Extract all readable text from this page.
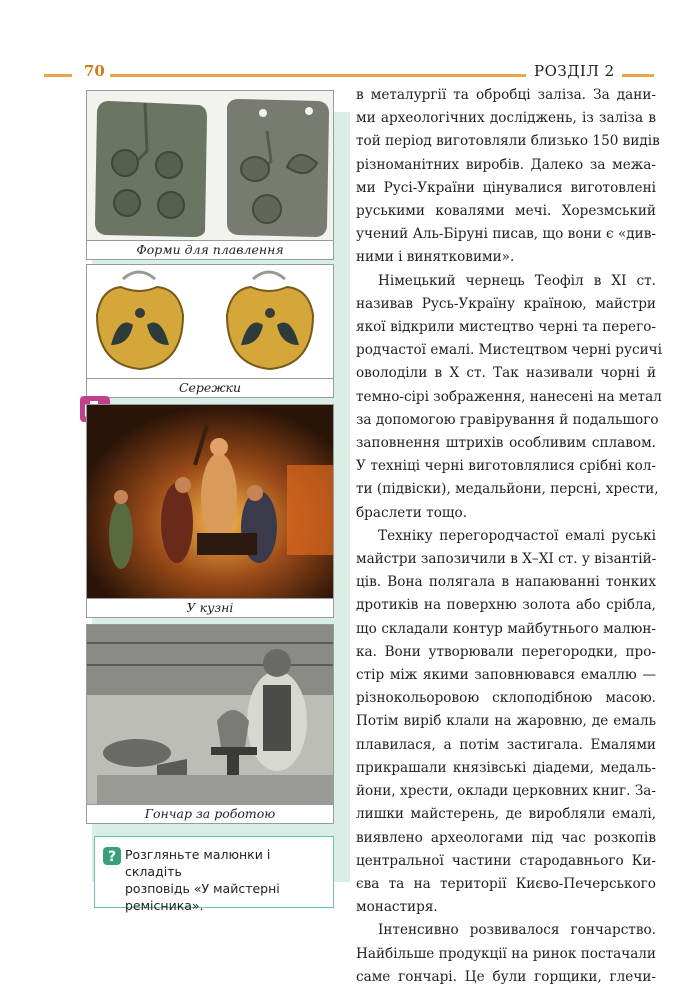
70	РОЗДІЛ 2
Форми для плавлення
Сережки
У кузні
Гончар за роботою
? Розгляньте малюнки і складіть
розповідь «У майстерні
ремісника».
в металургії та обробці заліза. За дани-
ми археологічних досліджень, із заліза в
той період виготовляли близько 150 видів
різноманітних виробів. Далеко за межа-
ми Русі-України цінувалися виготовлені
руськими ковалями мечі. Хорезмський
учений Аль-Біруні писав, що вони є «див-
ними і винятковими».
Німецький чернець Теофіл в XI ст.
називав Русь-Україну країною, майстри
якої відкрили мистецтво черні та перего-
родчастої емалі. Мистецтвом черні русичі
оволоділи в X ст. Так називали чорні й
темно-сірі зображення, нанесені на метал
за допомогою гравірування й подальшого
заповнення штрихів особливим сплавом.
У техніці черні виготовлялися срібні кол-
ти (підвіски), медальйони, персні, хрести,
браслети тощо.
Техніку перегородчастої емалі руські
майстри запозичили в X–XI ст. у візантій-
ців. Вона полягала в напаюванні тонких
дротиків на поверхню золота або срібла,
що складали контур майбутнього малюн-
ка. Вони утворювали перегородки, про-
стір між якими заповнювався емаллю —
різнокольоровою склоподібною масою.
Потім виріб клали на жаровню, де емаль
плавилася, а потім застигала. Емалями
прикрашали князівські діадеми, медаль-
йони, хрести, оклади церковних книг. За-
лишки майстерень, де виробляли емалі,
виявлено археологами під час розкопів
центральної частини стародавнього Ки-
єва та на території Києво-Печерського
монастиря.
Інтенсивно розвивалося гончарство.
Найбільше продукції на ринок постачали
саме гончарі. Це були горщики, глечи-
